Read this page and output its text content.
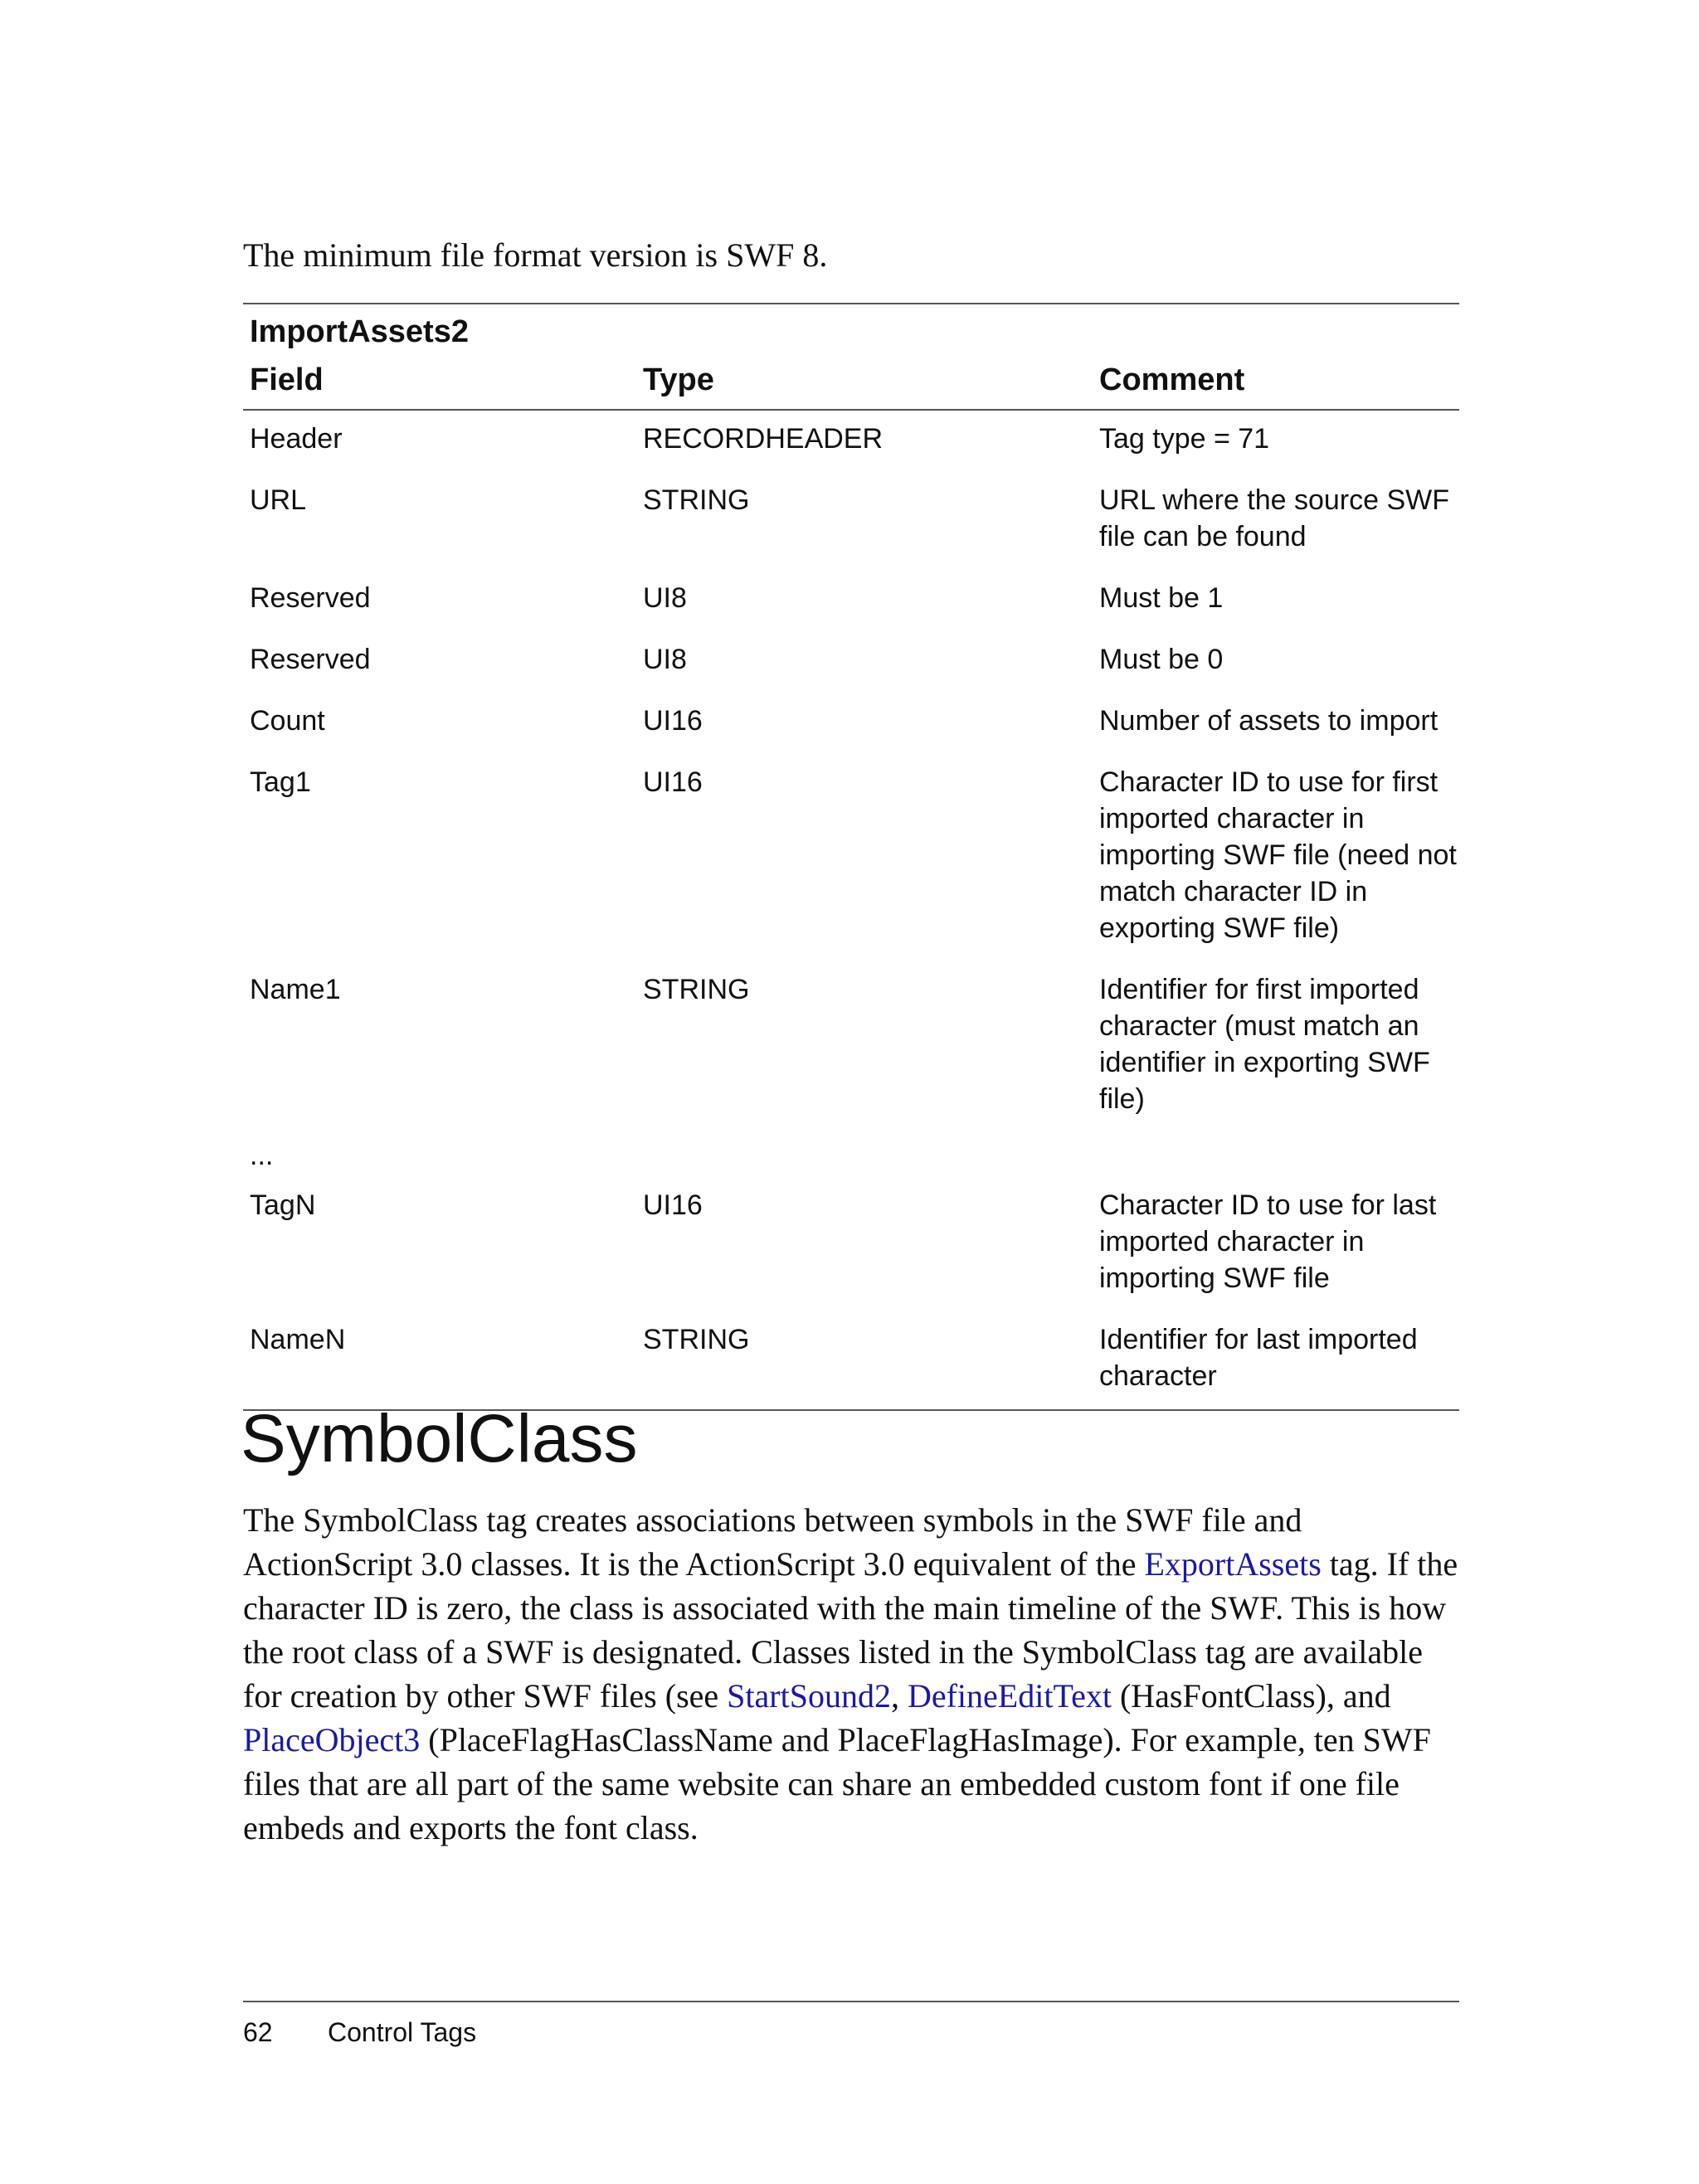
The minimum file format version is SWF 8.

ImportAssets2
Field	Type	Comment
Header	RECORDHEADER	Tag type = 71
URL	STRING	URL where the source SWF file can be found
Reserved	UI8	Must be 1
Reserved	UI8	Must be 0
Count	UI16	Number of assets to import
Tag1	UI16	Character ID to use for first imported character in importing SWF file (need not match character ID in exporting SWF file)
Name1	STRING	Identifier for first imported character (must match an identifier in exporting SWF file)
...		
TagN	UI16	Character ID to use for last imported character in importing SWF file
NameN	STRING	Identifier for last imported character
SymbolClass

The SymbolClass tag creates associations between symbols in the SWF file and ActionScript 3.0 classes. It is the ActionScript 3.0 equivalent of the ExportAssets tag. If the character ID is zero, the class is associated with the main timeline of the SWF. This is how the root class of a SWF is designated. Classes listed in the SymbolClass tag are available for creation by other SWF files (see StartSound2, DefineEditText (HasFontClass), and PlaceObject3 (PlaceFlagHasClassName and PlaceFlagHasImage). For example, ten SWF files that are all part of the same website can share an embedded custom font if one file embeds and exports the font class.

62 Control Tags
